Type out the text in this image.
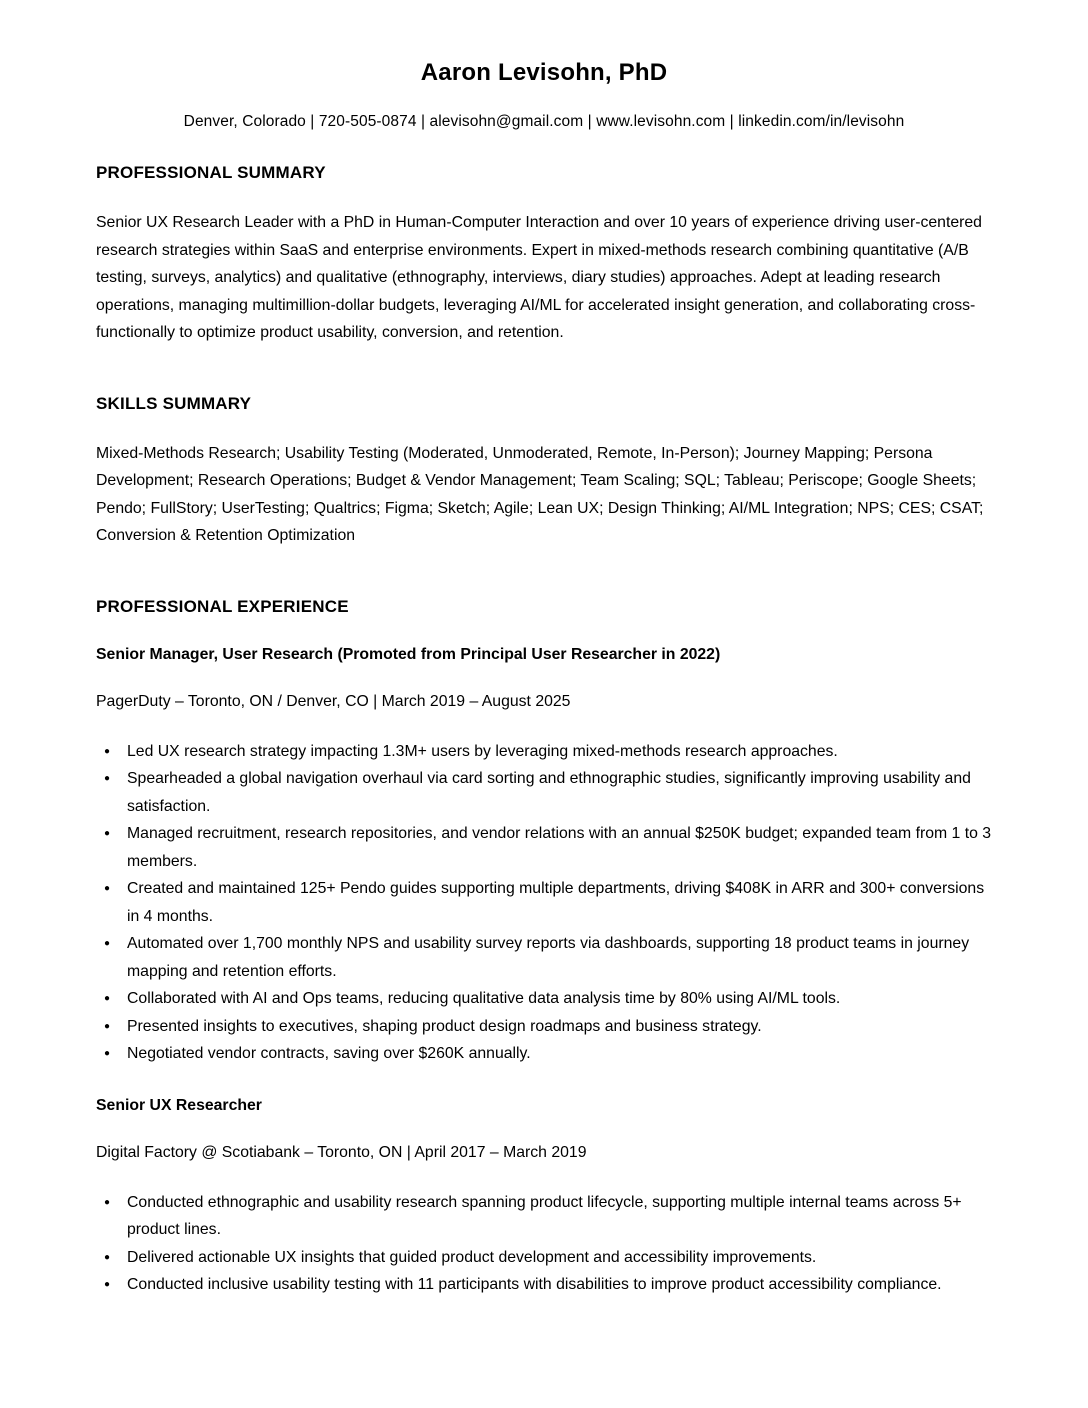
Aaron Levisohn, PhD

Denver, Colorado | 720-505-0874 | alevisohn@gmail.com | www.levisohn.com | linkedin.com/in/levisohn

PROFESSIONAL SUMMARY

Senior UX Research Leader with a PhD in Human-Computer Interaction and over 10 years of experience driving user-centered research strategies within SaaS and enterprise environments. Expert in mixed-methods research combining quantitative (A/B testing, surveys, analytics) and qualitative (ethnography, interviews, diary studies) approaches. Adept at leading research operations, managing multimillion-dollar budgets, leveraging AI/ML for accelerated insight generation, and collaborating cross-functionally to optimize product usability, conversion, and retention.

SKILLS SUMMARY

Mixed-Methods Research; Usability Testing (Moderated, Unmoderated, Remote, In-Person); Journey Mapping; Persona Development; Research Operations; Budget & Vendor Management; Team Scaling; SQL; Tableau; Periscope; Google Sheets; Pendo; FullStory; UserTesting; Qualtrics; Figma; Sketch; Agile; Lean UX; Design Thinking; AI/ML Integration; NPS; CES; CSAT; Conversion & Retention Optimization

PROFESSIONAL EXPERIENCE
Senior Manager, User Research (Promoted from Principal User Researcher in 2022)

PagerDuty – Toronto, ON / Denver, CO | March 2019 – August 2025

● Led UX research strategy impacting 1.3M+ users by leveraging mixed-methods research approaches.
● Spearheaded a global navigation overhaul via card sorting and ethnographic studies, significantly improving usability and satisfaction.
● Managed recruitment, research repositories, and vendor relations with an annual $250K budget; expanded team from 1 to 3 members.
● Created and maintained 125+ Pendo guides supporting multiple departments, driving $408K in ARR and 300+ conversions in 4 months.
● Automated over 1,700 monthly NPS and usability survey reports via dashboards, supporting 18 product teams in journey mapping and retention efforts.
● Collaborated with AI and Ops teams, reducing qualitative data analysis time by 80% using AI/ML tools.
● Presented insights to executives, shaping product design roadmaps and business strategy.
● Negotiated vendor contracts, saving over $260K annually.
Senior UX Researcher

Digital Factory @ Scotiabank – Toronto, ON | April 2017 – March 2019

● Conducted ethnographic and usability research spanning product lifecycle, supporting multiple internal teams across 5+ product lines.
● Delivered actionable UX insights that guided product development and accessibility improvements.
● Conducted inclusive usability testing with 11 participants with disabilities to improve product accessibility compliance.
